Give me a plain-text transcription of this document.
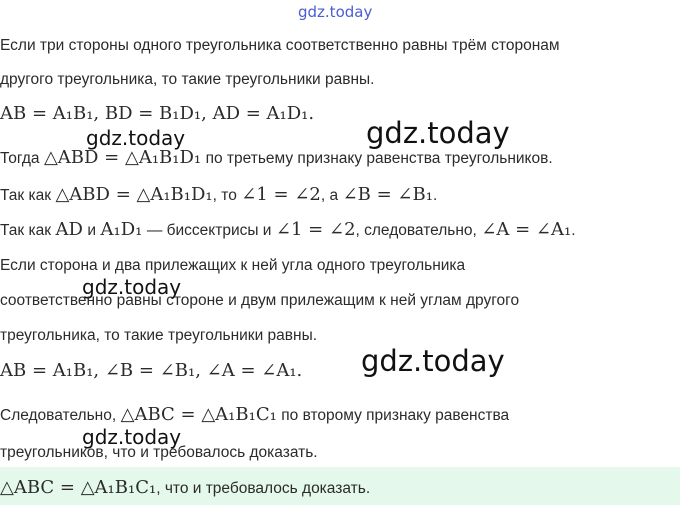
gdz.today
Если три стороны одного треугольника соответственно равны трём сторонам
другого треугольника, то такие треугольники равны.
AB = A₁B₁, BD = B₁D₁, AD = A₁D₁.
gdz.today	gdz.today
Тогда △ABD = △A₁B₁D₁ по третьему признаку равенства треугольников.
Так как △ABD = △A₁B₁D₁, то ∠1 = ∠2, а ∠B = ∠B₁.
Так как AD и A₁D₁ — биссектрисы и ∠1 = ∠2, следовательно, ∠A = ∠A₁.
Если сторона и два прилежащих к ней угла одного треугольника
gdz.today
соответственно равны стороне и двум прилежащим к ней углам другого
треугольника, то такие треугольники равны.
AB = A₁B₁, ∠B = ∠B₁, ∠A = ∠A₁. gdz.today
Следовательно, △ABC = △A₁B₁C₁ по второму признаку равенства
gdz.today
треугольников, что и требовалось доказать.
△ABC = △A₁B₁C₁, что и требовалось доказать.
